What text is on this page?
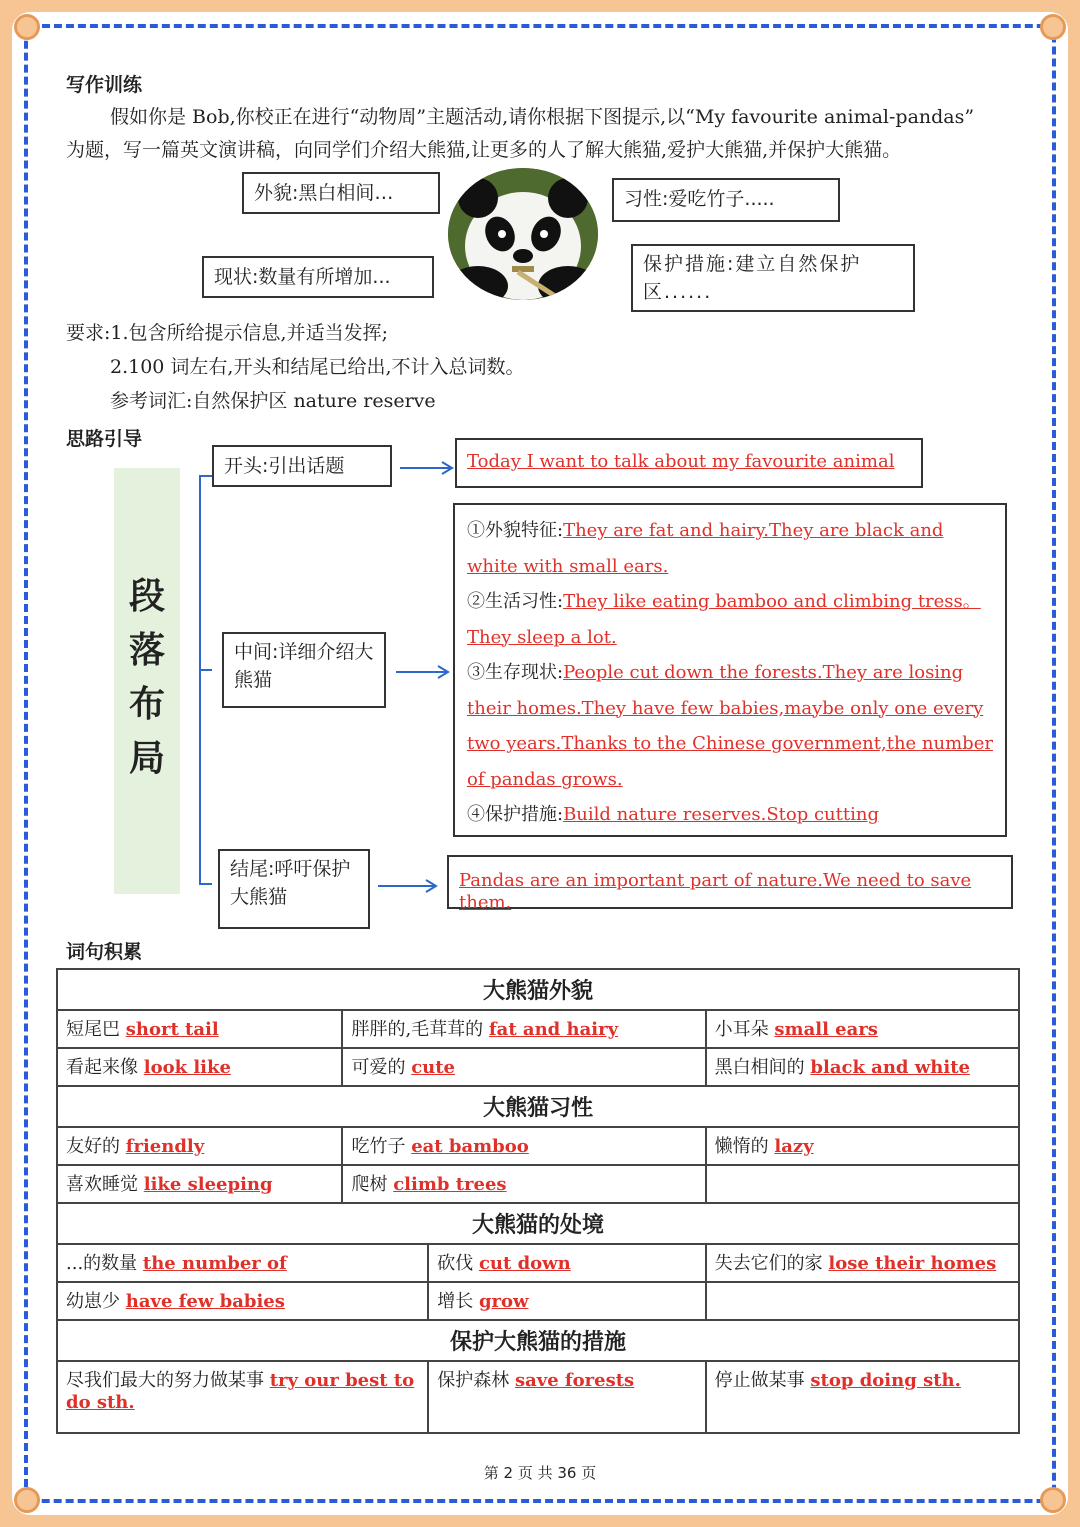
写作训练
假如你是 Bob,你校正在进行“动物周”主题活动,请你根据下图提示,以“My favourite animal-pandas”
为题，写一篇英文演讲稿，向同学们介绍大熊猫,让更多的人了解大熊猫,爱护大熊猫,并保护大熊猫。
外貌:黑白相间…	习性:爱吃竹子.....
现状:数量有所增加...
保护措施:建立自然保护区......
要求:1.包含所给提示信息,并适当发挥;
2.100 词左右,开头和结尾已给出,不计入总词数。
参考词汇:自然保护区 nature reserve
思路引导
段
落
布
局
开头:引出话题
中间:详细介绍大熊猫
结尾:呼吁保护大熊猫
Today I want to talk about my favourite animal
①外貌特征:They are fat and hairy.They are black and white with small ears.
②生活习性:They like eating bamboo and climbing tress。They sleep a lot.
③生存现状:People cut down the forests.They are losing their homes.They have few babies,maybe only one every two years.Thanks to the Chinese government,the number of pandas grows.
④保护措施:Build nature reserves.Stop cutting
Pandas are an important part of nature.We need to save them.
词句积累
大熊猫外貌			
短尾巴 short tail	胖胖的,毛茸茸的 fat and hairy		小耳朵 small ears
看起来像 look like	可爱的 cute		黑白相间的 black and white
大熊猫习性			
友好的 friendly	吃竹子 eat bamboo		懒惰的 lazy
喜欢睡觉 like sleeping	爬树 climb trees		
大熊猫的处境			
...的数量 the number of		砍伐 cut down	失去它们的家 lose their homes
幼崽少 have few babies		增长 grow	
保护大熊猫的措施			
尽我们最大的努力做某事 try our best to do sth.		保护森林 save forests	停止做某事 stop doing sth.
第 2 页 共 36 页
